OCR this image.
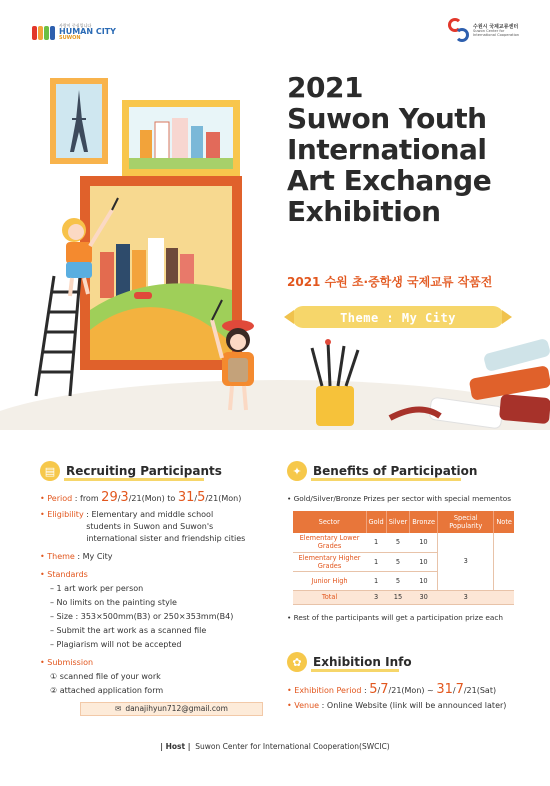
사람이 중심입니다
HUMAN CITY
SUWON
수원시 국제교류센터
Suwon Center for
International Cooperation
2021
Suwon Youth
International
Art Exchange
Exhibition
2021 수원 초·중학생 국제교류 작품전
Theme : My City
▤ Recruiting Participants
• Period
: from
29 / 3 /21(Mon) to
31 / 5 /21(Mon)
• Eligibility
: Elementary and middle school students in Suwon and Suwon's international sister and friendship cities
• Theme
: My City
• Standards
– 1 art work per person
– No limits on the painting style
– Size : 353×500mm(B3) or 250×353mm(B4)
– Submit the art work as a scanned file
– Plagiarism will not be accepted
• Submission
① scanned file of your work
② attached application form
✉ danajihyun712@gmail.com
✦ Benefits of Participation
• Gold/Silver/Bronze Prizes per sector with special mementos
Sector	Gold	Silver	Bronze	Special Popularity	Note
Elementary Lower Grades	1	5	10	3	
Elementary Higher Grades	1	5	10		
Junior High	1	5	10		
Total	3	15	30	3	
• Rest of the participants will get a participation prize each
✿ Exhibition Info
• Exhibition Period
:
5 / 7 /21(Mon) ~
31 / 7 /21(Sat)
• Venue
: Online Website (link will be announced later)
| Host | Suwon Center for International Cooperation(SWCIC)
